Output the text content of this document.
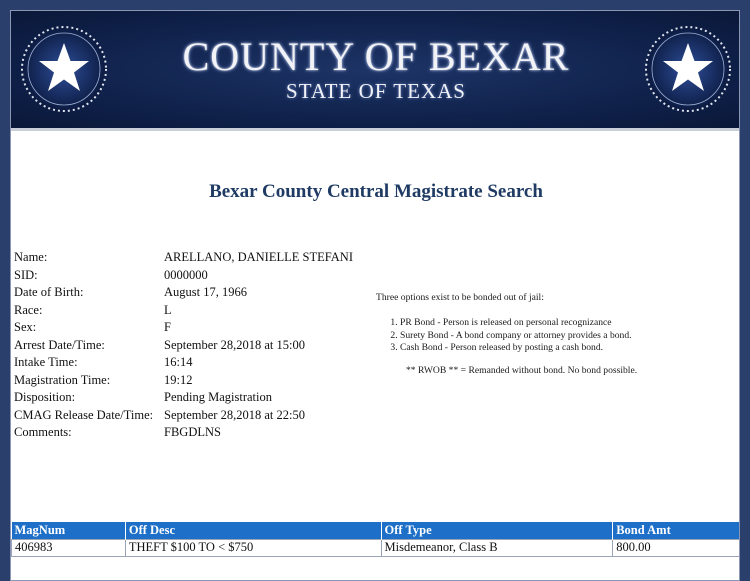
COUNTY OF BEXAR
STATE OF TEXAS
Bexar County Central Magistrate Search
Name:	ARELLANO, DANIELLE STEFANI
SID:	0000000
Date of Birth:	August 17, 1966
Race:	L
Sex:	F
Arrest Date/Time:	September 28,2018 at 15:00
Intake Time:	16:14
Magistration Time:	19:12
Disposition:	Pending Magistration
CMAG Release Date/Time: September 28,2018 at 22:50
Comments:	FBGDLNS
Three options exist to be bonded out of jail:
1. PR Bond - Person is released on personal recognizance
2. Surety Bond - A bond company or attorney provides a bond.
3. Cash Bond - Person released by posting a cash bond.
** RWOB ** = Remanded without bond. No bond possible.
MagNum	Off Desc	Off Type	Bond Amt
406983	THEFT $100 TO < $750	Misdemeanor, Class B	800.00
